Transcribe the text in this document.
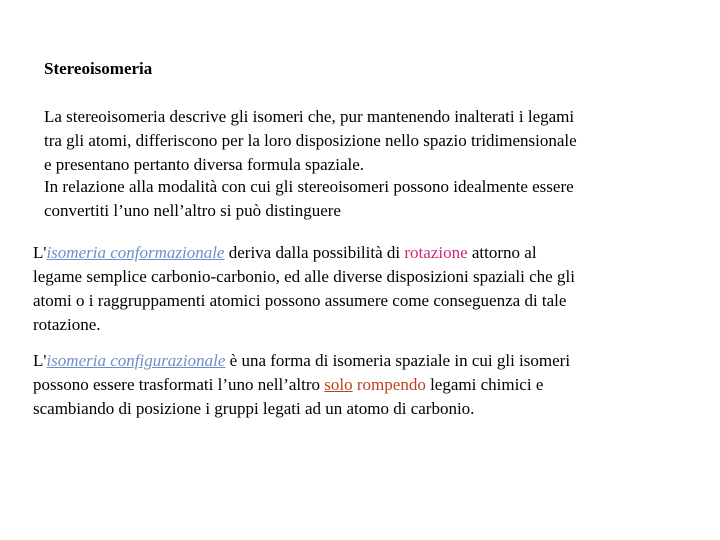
Stereoisomeria

La stereoisomeria descrive gli isomeri che, pur mantenendo inalterati i legami
tra gli atomi, differiscono per la loro disposizione nello spazio tridimensionale
e presentano pertanto diversa formula spaziale.

In relazione alla modalità con cui gli stereoisomeri possono idealmente essere
convertiti l’uno nell’altro si può distinguere

L'isomeria conformazionale deriva dalla possibilità di rotazione attorno al
legame semplice carbonio-carbonio, ed alle diverse disposizioni spaziali che gli
atomi o i raggruppamenti atomici possono assumere come conseguenza di tale
rotazione.
L'isomeria configurazionale è una forma di isomeria spaziale in cui gli isomeri
possono essere trasformati l’uno nell’altro solo rompendo legami chimici e
scambiando di posizione i gruppi legati ad un atomo di carbonio.
